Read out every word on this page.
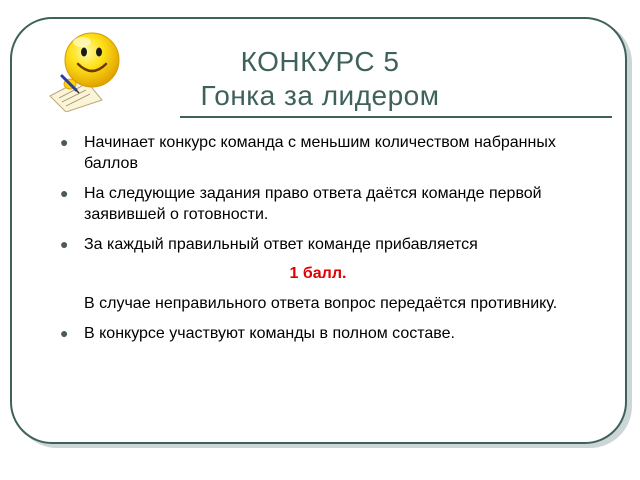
КОНКУРС 5
Гонка за лидером
● Начинает конкурс команда с меньшим количеством набранных баллов
● На следующие задания право ответа даётся команде первой заявившей о готовности.
● За каждый правильный ответ команде прибавляется
1 балл.
В случае неправильного ответа вопрос передаётся противнику.
● В конкурсе участвуют команды в полном составе.
